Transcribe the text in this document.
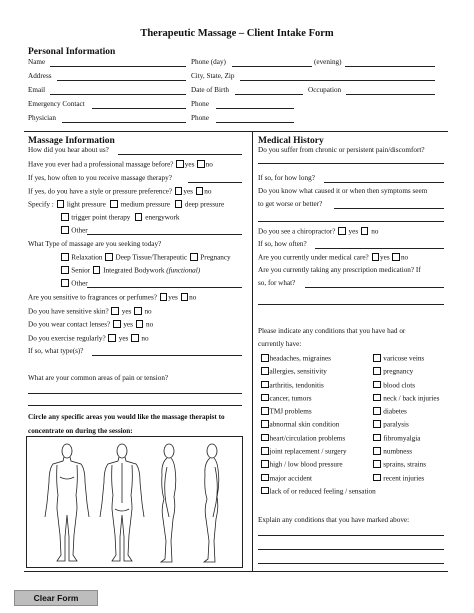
Therapeutic Massage – Client Intake Form
Personal Information
Name	Phone (day)	(evening)
Address	City, State, Zip
Email	Date of Birth	Occupation
Emergency Contact	Phone
Physician	Phone
Massage Information
How did you hear about us?
Have you ever had a professional massage before? yes no
If yes, how often to you receive massage therapy?
If yes, do you have a style or pressure preference? yes no
Specify : light pressure medium pressure deep pressure
trigger point therapy energywork
Other
What Type of massage are you seeking today?
Relaxation Deep Tissue/Therapeutic Pregnancy
Senior Integrated Bodywork (functional)
Other
Are you sensitive to fragrances or perfumes? yes no
Do you have sensitive skin? yes no
Do you wear contact lenses? yes no
Do you exercise regularly? yes no
If so, what type(s)?
What are your common areas of pain or tension?
Circle any specific areas you would like the massage therapist to
concentrate on during the session:
Medical History
Do you suffer from chronic or persistent pain/discomfort?
If so, for how long?
Do you know what caused it or when then symptoms seem
to get worse or better?
Do you see a chiropractor? yes no
If so, how often?
Are you currently under medical care? yes no
Are you currently taking any prescription medication? If
so, for what?
Please indicate any conditions that you have had or
currently have:
headaches, migraines
allergies, sensitivity
arthritis, tendonitis
cancer, tumors
TMJ problems
abnormal skin condition
heart/circulation problems
joint replacement / surgery
high / low blood pressure
major accident
lack of or reduced feeling / sensation
varicose veins
pregnancy
blood clots
neck / back injuries
diabetes
paralysis
fibromyalgia
numbness
sprains, strains
recent injuries
Explain any conditions that you have marked above:
Clear Form
